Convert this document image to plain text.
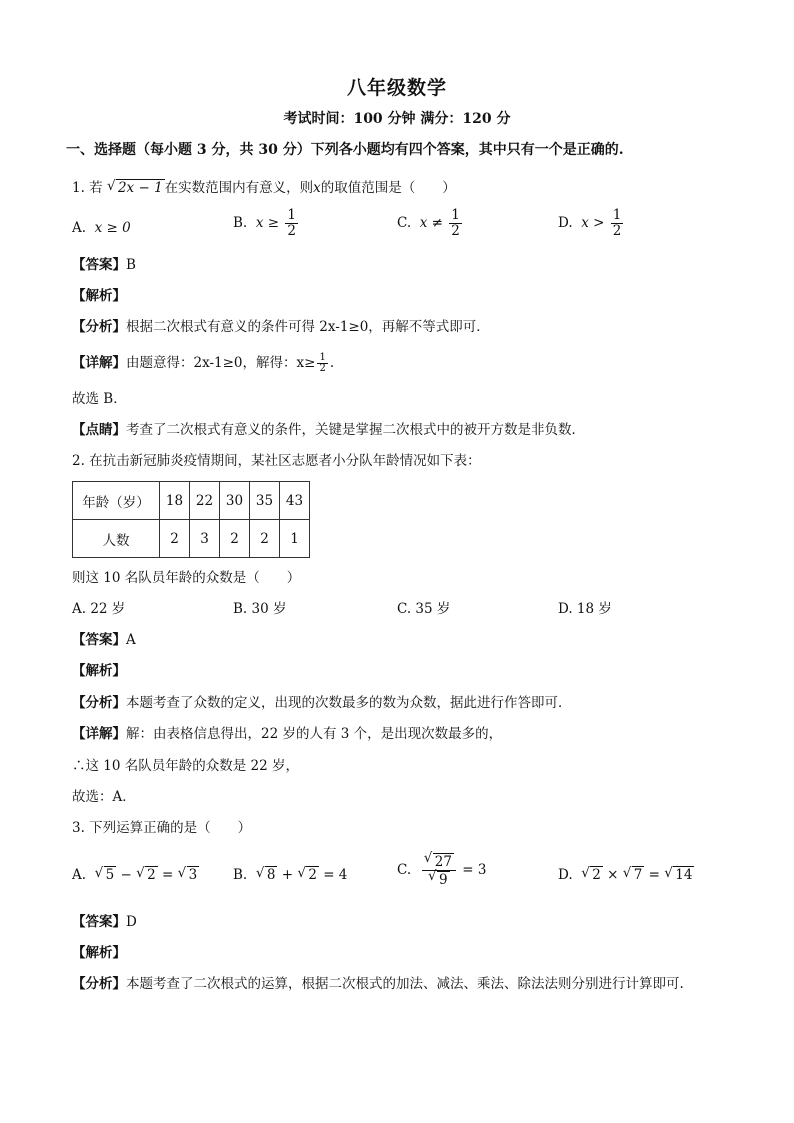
八年级数学
考试时间：100 分钟 满分：120 分
一、选择题（每小题 3 分，共 30 分）下列各小题均有四个答案，其中只有一个是正确的.
1. 若 √ 2x − 1 在实数范围内有意义，则x的取值范围是（　　）
A. x ≥ 0	B. $x \ge \frac{1}{2}$	C. $x \ne \frac{1}{2}$	D. $x > \frac{1}{2}$
【答案】B
【解析】
【分析】根据二次根式有意义的条件可得 2x-1≥0，再解不等式即可．
【详解】由题意得：2x-1≥0，解得：$x\ge \frac{1}{2}$ .
故选 B．
【点睛】考查了二次根式有意义的条件，关键是掌握二次根式中的被开方数是非负数．
2. 在抗击新冠肺炎疫情期间，某社区志愿者小分队年龄情况如下表：
年龄（岁）	18	22	30	35	43
人数	2	3	2	2	1
则这 10 名队员年龄的众数是（　　）
A. 22 岁	B. 30 岁	C. 35 岁	D. 18 岁
【答案】A
【解析】
【分析】本题考查了众数的定义，出现的次数最多的数为众数，据此进行作答即可．
【详解】解：由表格信息得出，22 岁的人有 3 个，是出现次数最多的，
∴这 10 名队员年龄的众数是 22 岁，
故选：A．
3. 下列运算正确的是（　　）
A. √ 5 − √ 2 = √ 3	B. √ 8 + √ 2 = 4	C. √ 27
√ 9 = 3	D. √ 2 × √ 7 = √ 14
【答案】D
【解析】
【分析】本题考查了二次根式的运算，根据二次根式的加法、减法、乘法、除法法则分别进行计算即可.
